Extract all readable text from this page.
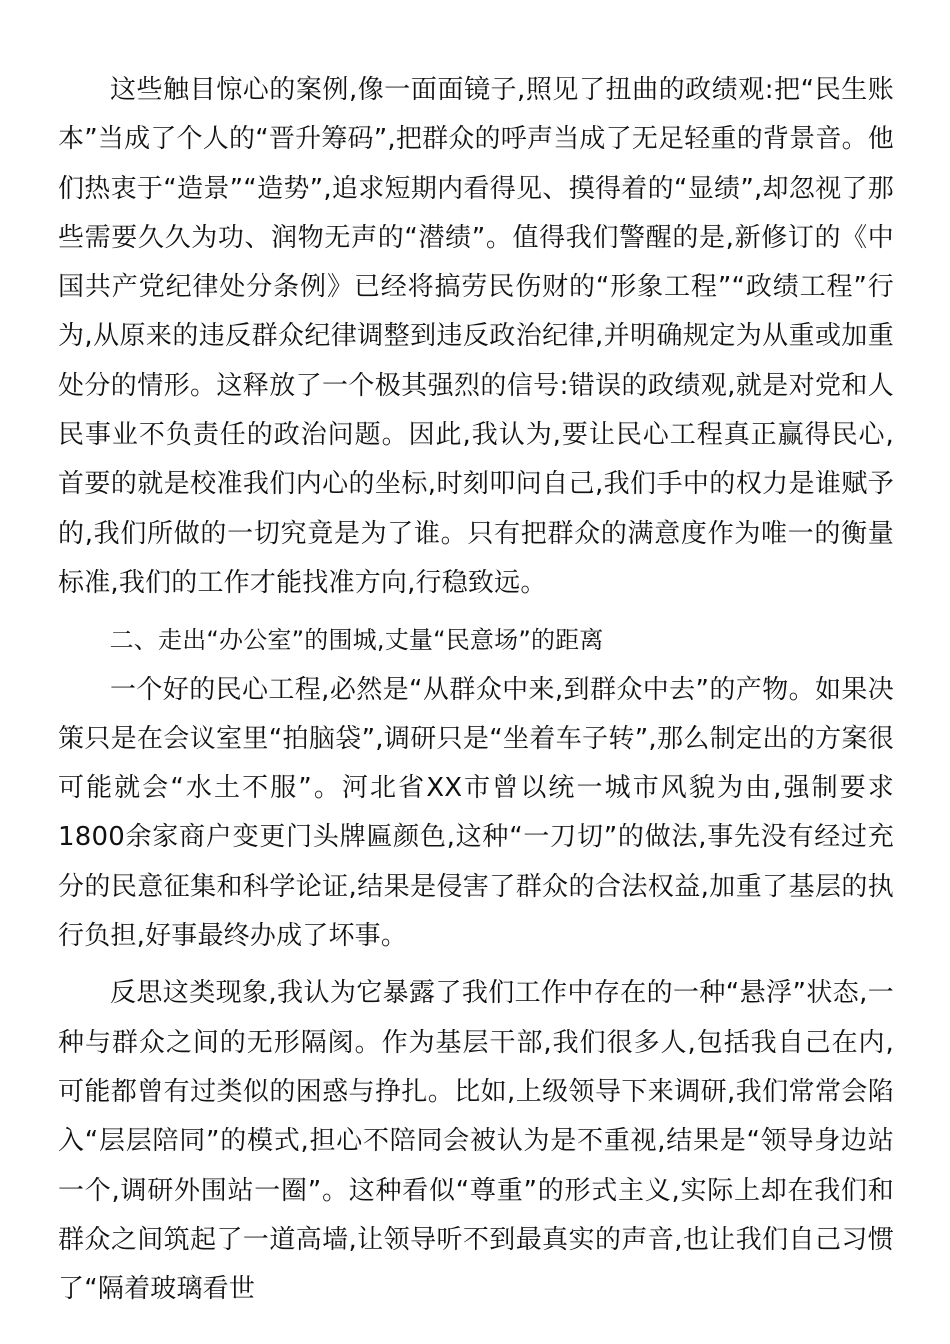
这些触目惊心的案例,像一面面镜子,照见了扭曲的政绩观:把“民生账本”当成了个人的“晋升筹码”,把群众的呼声当成了无足轻重的背景音。他们热衷于“造景”“造势”,追求短期内看得见、摸得着的“显绩”,却忽视了那些需要久久为功、润物无声的“潜绩”。值得我们警醒的是,新修订的《中国共产党纪律处分条例》已经将搞劳民伤财的“形象工程”“政绩工程”行为,从原来的违反群众纪律调整到违反政治纪律,并明确规定为从重或加重处分的情形。这释放了一个极其强烈的信号:错误的政绩观,就是对党和人民事业不负责任的政治问题。因此,我认为,要让民心工程真正赢得民心,首要的就是校准我们内心的坐标,时刻叩问自己,我们手中的权力是谁赋予的,我们所做的一切究竟是为了谁。只有把群众的满意度作为唯一的衡量标准,我们的工作才能找准方向,行稳致远。

二、走出“办公室”的围城,丈量“民意场”的距离

一个好的民心工程,必然是“从群众中来,到群众中去”的产物。如果决策只是在会议室里“拍脑袋”,调研只是“坐着车子转”,那么制定出的方案很可能就会“水土不服”。河北省XX市曾以统一城市风貌为由,强制要求1800余家商户变更门头牌匾颜色,这种“一刀切”的做法,事先没有经过充分的民意征集和科学论证,结果是侵害了群众的合法权益,加重了基层的执行负担,好事最终办成了坏事。

反思这类现象,我认为它暴露了我们工作中存在的一种“悬浮”状态,一种与群众之间的无形隔阂。作为基层干部,我们很多人,包括我自己在内,可能都曾有过类似的困惑与挣扎。比如,上级领导下来调研,我们常常会陷入“层层陪同”的模式,担心不陪同会被认为是不重视,结果是“领导身边站一个,调研外围站一圈”。这种看似“尊重”的形式主义,实际上却在我们和群众之间筑起了一道高墙,让领导听不到最真实的声音,也让我们自己习惯了“隔着玻璃看世
